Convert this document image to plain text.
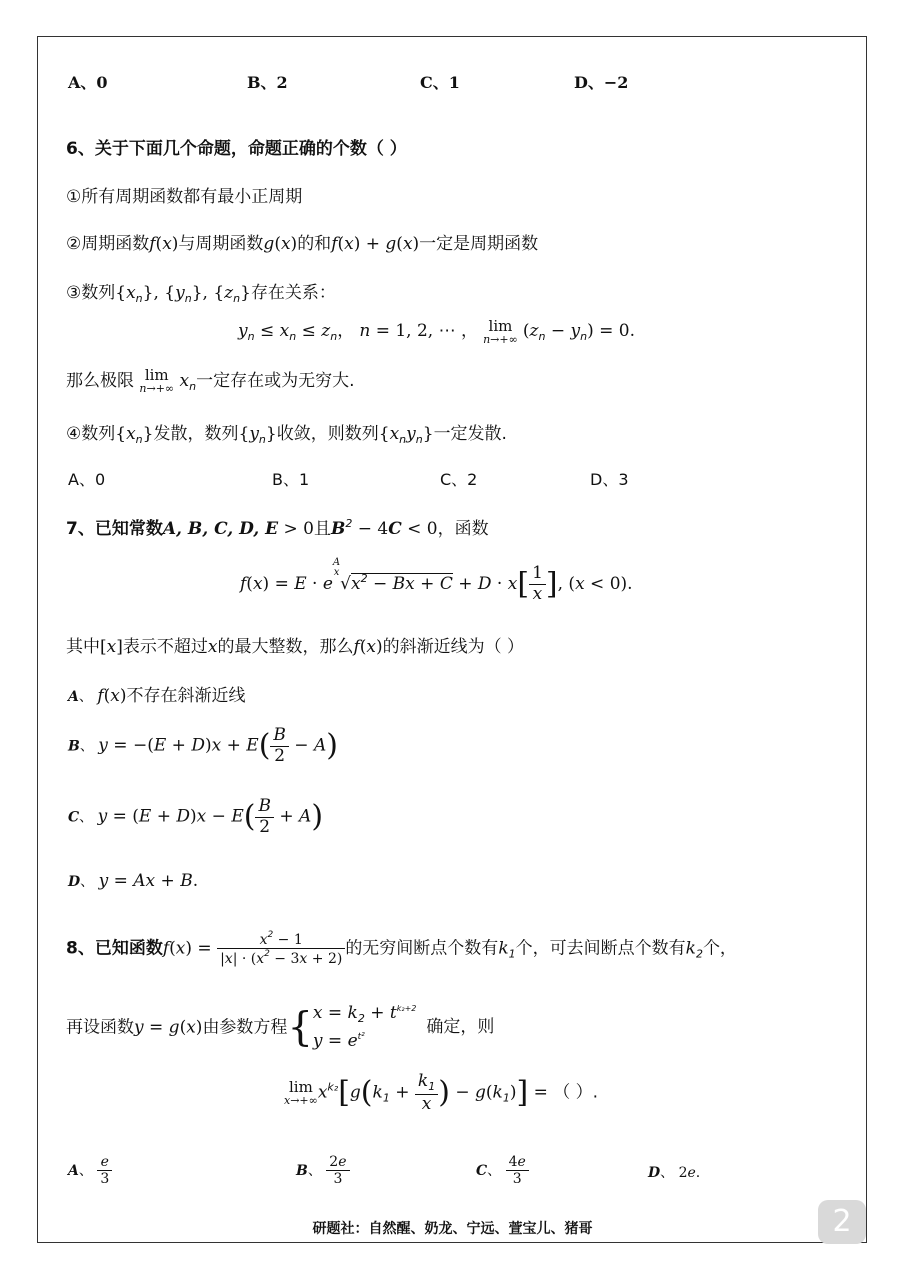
A、0	B、2	C、1	D、−2
6、关于下面几个命题，命题正确的个数（ ）
①所有周期函数都有最小正周期
②周期函数f(x)与周期函数g(x)的和f(x) + g(x)一定是周期函数
③数列$\{x_n\}$, $\{y_n\}$, $\{z_n\}$存在关系：
$y_n \le x_n \le z_n$， n = 1, 2, ⋯ ， lim
n→+∞ $(z_n - y_n) = 0$.
那么极限 lim
n→+∞ $x_n$一定存在或为无穷大.
④数列$\{x_n\}$发散，数列$\{y_n\}$收敛，则数列$\{x_ny_n\}$一定发散.
A、0	B、1	C、2	D、3
7、已知常数A, B, C, D, E > 0且$B^2 - 4C < 0$，函数
f(x) = E · e
A
x
$√x^2 - Bx + C + D \cdot x[ \frac{1}{x}$ ], (x < 0).
其中[x]表示不超过x的最大整数，那么f(x)的斜渐近线为（ ）
A、 f(x)不存在斜渐近线
B、 $y = -(E + D)x + E( \frac{B}{2} - A)$
C、 $y = (E + D)x - E( \frac{B}{2} + A)$
D、 y = Ax + B.
8、已知函数$f(x) = \frac{x^2 - 1}{|x| \cdot (x^2 - 3x + 2)}$ 的无穷间断点个数有$k_1$个，可去间断点个数有$k_2$个，
再设函数y = g(x)由参数方程{ $x = k_2 + t^{k_2+2}$
$y = e^{t^2}$	确定，则
lim
x→+∞ $x^{k_2}[g(k_1 + \frac{k_1}{x}$ ) − $g(k_1)$] = （ ）.
A、 $\frac{e}{3}$	B、 $\frac{2e}{3}$	C、 $\frac{4e}{3}$	D、 2e.
研题社：自然醒、奶龙、宁远、萱宝儿、猪哥	2
